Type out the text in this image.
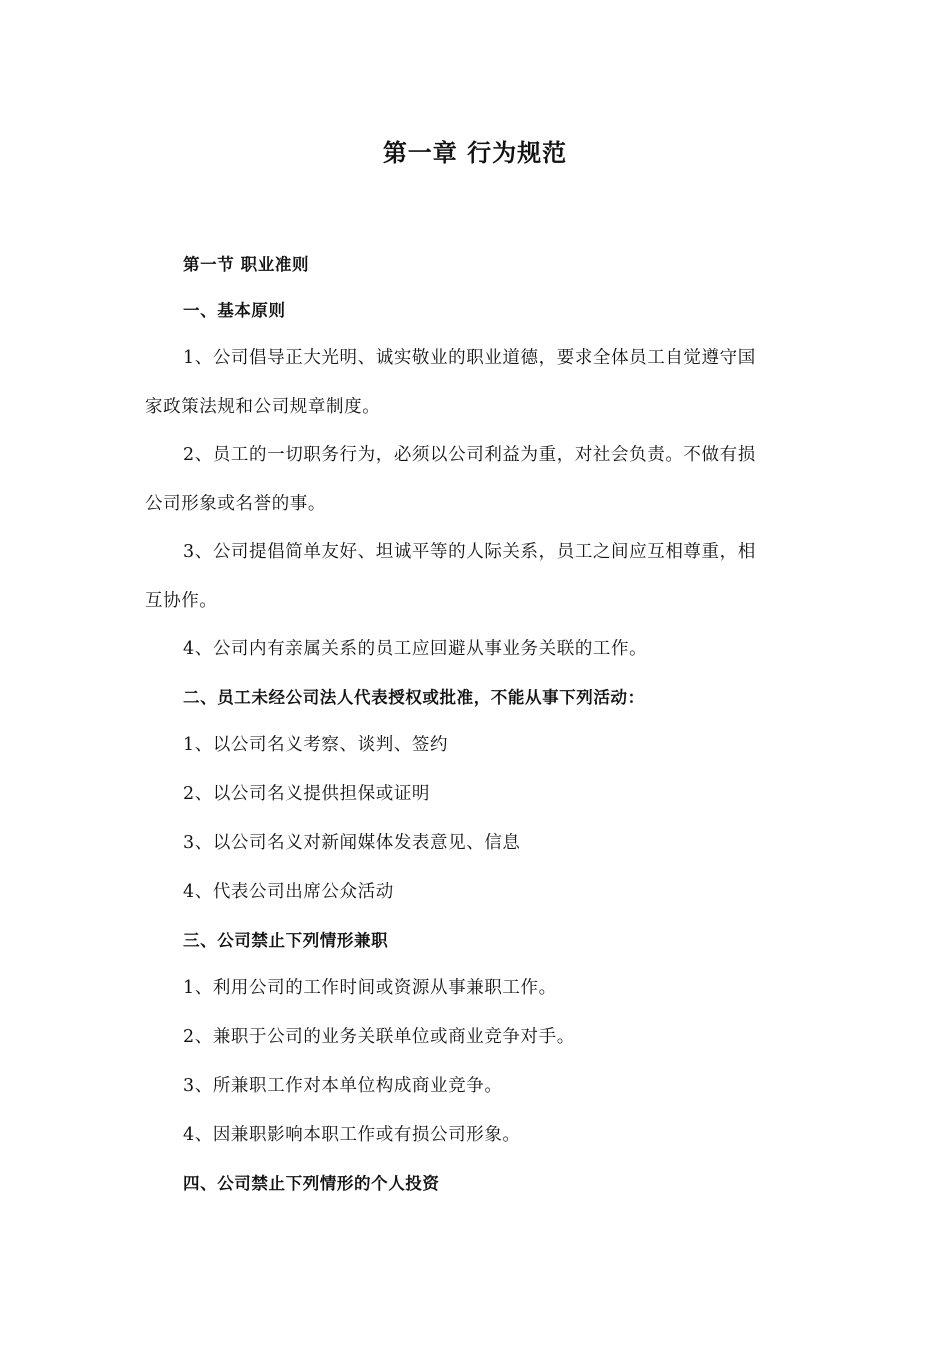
第一章 行为规范
第一节 职业准则
一、基本原则
1、公司倡导正大光明、诚实敬业的职业道德，要求全体员工自觉遵守国
家政策法规和公司规章制度。
2、员工的一切职务行为，必须以公司利益为重，对社会负责。不做有损
公司形象或名誉的事。
3、公司提倡简单友好、坦诚平等的人际关系，员工之间应互相尊重，相
互协作。
4、公司内有亲属关系的员工应回避从事业务关联的工作。
二、员工未经公司法人代表授权或批准，不能从事下列活动：
1、以公司名义考察、谈判、签约
2、以公司名义提供担保或证明
3、以公司名义对新闻媒体发表意见、信息
4、代表公司出席公众活动
三、公司禁止下列情形兼职
1、利用公司的工作时间或资源从事兼职工作。
2、兼职于公司的业务关联单位或商业竞争对手。
3、所兼职工作对本单位构成商业竞争。
4、因兼职影响本职工作或有损公司形象。
四、公司禁止下列情形的个人投资
